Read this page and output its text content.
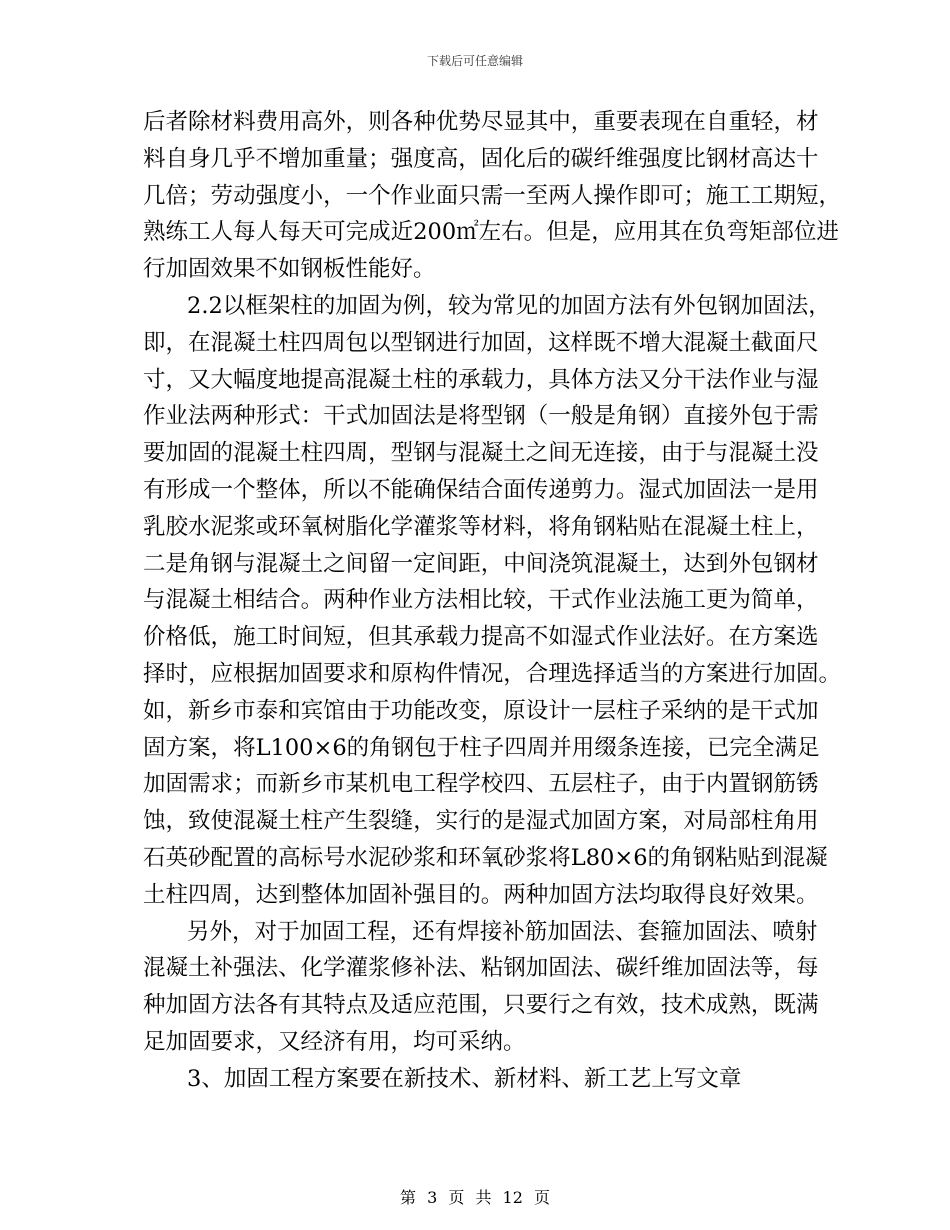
下载后可任意编辑
后 者 除 材 料 费 用 高 外 ， 则 各 种 优 势 尽 显 其 中 ， 重 要 表 现 在 自 重 轻 ， 材
料 自 身 几 乎 不 增 加 重 量 ； 强 度 高 ， 固 化 后 的 碳 纤 维 强 度 比 钢 材 高 达 十
几 倍 ； 劳 动 强 度 小 ， 一 个 作 业 面 只 需 一 至 两 人 操 作 即 可 ； 施 工 工 期 短 ，
熟 练 工 人 每 人 每 天 可 完 成 近 200㎡ 左 右 。 但 是 ， 应 用 其 在 负 弯 矩 部 位 进
行加固效果不如钢板性能好。
2.2 以 框 架 柱 的 加 固 为 例 ， 较 为 常 见 的 加 固 方 法 有 外 包 钢 加 固 法 ，
即 ， 在 混 凝 土 柱 四 周 包 以 型 钢 进 行 加 固 ， 这 样 既 不 增 大 混 凝 土 截 面 尺
寸 ， 又 大 幅 度 地 提 高 混 凝 土 柱 的 承 载 力 ， 具 体 方 法 又 分 干 法 作 业 与 湿
作 业 法 两 种 形 式 ： 干 式 加 固 法 是 将 型 钢 （ 一 般 是 角 钢 ） 直 接 外 包 于 需
要 加 固 的 混 凝 土 柱 四 周 ， 型 钢 与 混 凝 土 之 间 无 连 接 ， 由 于 与 混 凝 土 没
有 形 成 一 个 整 体 ， 所 以 不 能 确 保 结 合 面 传 递 剪 力 。 湿 式 加 固 法 一 是 用
乳 胶 水 泥 浆 或 环 氧 树 脂 化 学 灌 浆 等 材 料 ， 将 角 钢 粘 贴 在 混 凝 土 柱 上 ，
二 是 角 钢 与 混 凝 土 之 间 留 一 定 间 距 ， 中 间 浇 筑 混 凝 土 ， 达 到 外 包 钢 材
与 混 凝 土 相 结 合 。 两 种 作 业 方 法 相 比 较 ， 干 式 作 业 法 施 工 更 为 简 单 ，
价 格 低 ， 施 工 时 间 短 ， 但 其 承 载 力 提 高 不 如 湿 式 作 业 法 好 。 在 方 案 选
择 时 ， 应 根 据 加 固 要 求 和 原 构 件 情 况 ， 合 理 选 择 适 当 的 方 案 进 行 加 固 。
如 ， 新 乡 市 泰 和 宾 馆 由 于 功 能 改 变 ， 原 设 计 一 层 柱 子 采 纳 的 是 干 式 加
固 方 案 ， 将 L100×6 的 角 钢 包 于 柱 子 四 周 并 用 缀 条 连 接 ， 已 完 全 满 足
加 固 需 求 ； 而 新 乡 市 某 机 电 工 程 学 校 四 、 五 层 柱 子 ， 由 于 内 置 钢 筋 锈
蚀 ， 致 使 混 凝 土 柱 产 生 裂 缝 ， 实 行 的 是 湿 式 加 固 方 案 ， 对 局 部 柱 角 用
石 英 砂 配 置 的 高 标 号 水 泥 砂 浆 和 环 氧 砂 浆 将 L80×6 的 角 钢 粘 贴 到 混 凝
土 柱 四 周 ， 达 到 整 体 加 固 补 强 目 的 。 两 种 加 固 方 法 均 取 得 良 好 效 果 。
另 外 ， 对 于 加 固 工 程 ， 还 有 焊 接 补 筋 加 固 法 、 套 箍 加 固 法 、 喷 射
混 凝 土 补 强 法 、 化 学 灌 浆 修 补 法 、 粘 钢 加 固 法 、 碳 纤 维 加 固 法 等 ， 每
种 加 固 方 法 各 有 其 特 点 及 适 应 范 围 ， 只 要 行 之 有 效 ， 技 术 成 熟 ， 既 满
足加固要求，又经济有用，均可采纳。
3、加固工程方案要在新技术、新材料、新工艺上写文章
第 3 页 共 12 页
